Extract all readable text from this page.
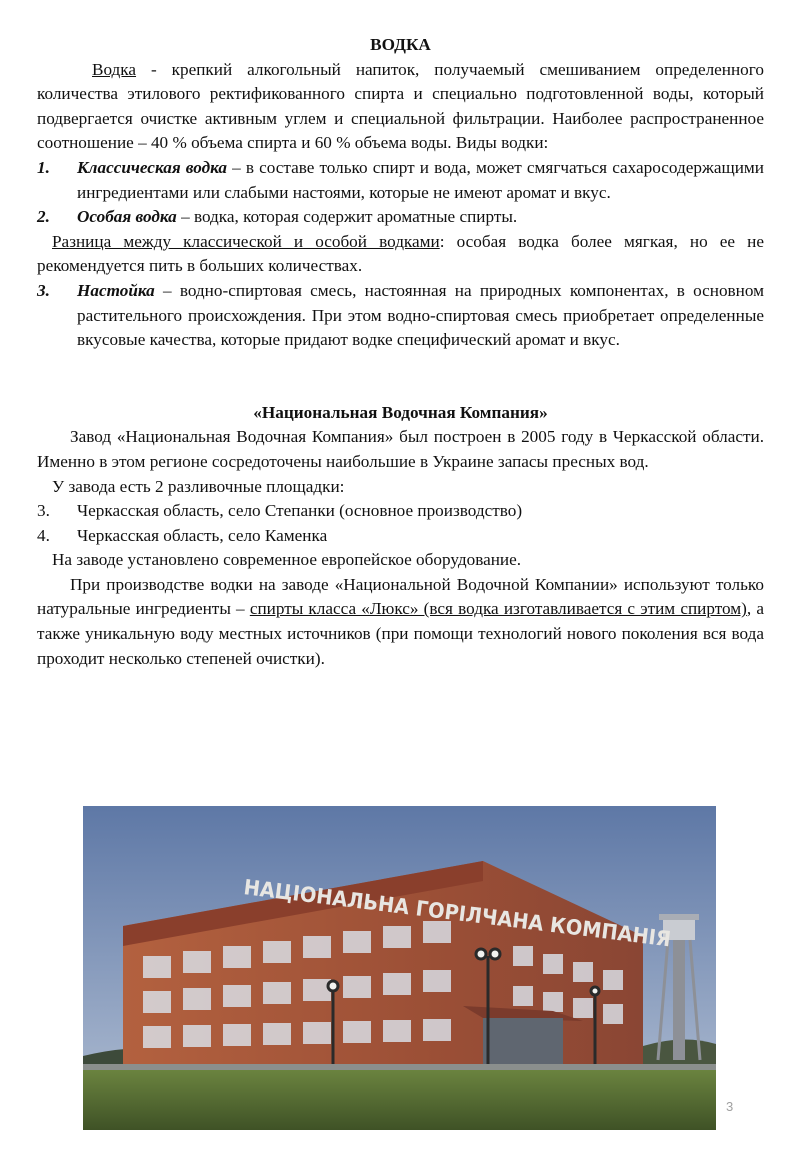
ВОДКА

Водка - крепкий алкогольный напиток, получаемый смешиванием определенного количества этилового ректификованного спирта и специально подготовленной воды, который подвергается очистке активным углем и специальной фильтрации. Наиболее распространенное соотношение – 40 % объема спирта и 60 % объема воды. Виды водки:

1. Классическая водка – в составе только спирт и вода, может смягчаться сахаросодержащими ингредиентами или слабыми настоями, которые не имеют аромат и вкус.
2. Особая водка – водка, которая содержит ароматные спирты.

Разница между классической и особой водками: особая водка более мягкая, но ее не рекомендуется пить в больших количествах.

3. Настойка – водно-спиртовая смесь, настоянная на природных компонентах, в основном растительного происхождения. При этом водно-спиртовая смесь приобретает определенные вкусовые качества, которые придают водке специфический аромат и вкус.

«Национальная Водочная Компания»

Завод «Национальная Водочная Компания» был построен в 2005 году в Черкасской области. Именно в этом регионе сосредоточены наибольшие в Украине запасы пресных вод.

У завода есть 2 разливочные площадки:

3. Черкасская область, село Степанки (основное производство)
4. Черкасская область, село Каменка

На заводе установлено современное европейское оборудование.

При производстве водки на заводе «Национальной Водочной Компании» используют только натуральные ингредиенты – спирты класса «Люкс» (вся водка изготавливается с этим спиртом), а также уникальную воду местных источников (при помощи технологий нового поколения вся вода проходит несколько степеней очистки).

НАЦІОНАЛЬНА ГОРІЛЧАНА КОМПАНІЯ
3
